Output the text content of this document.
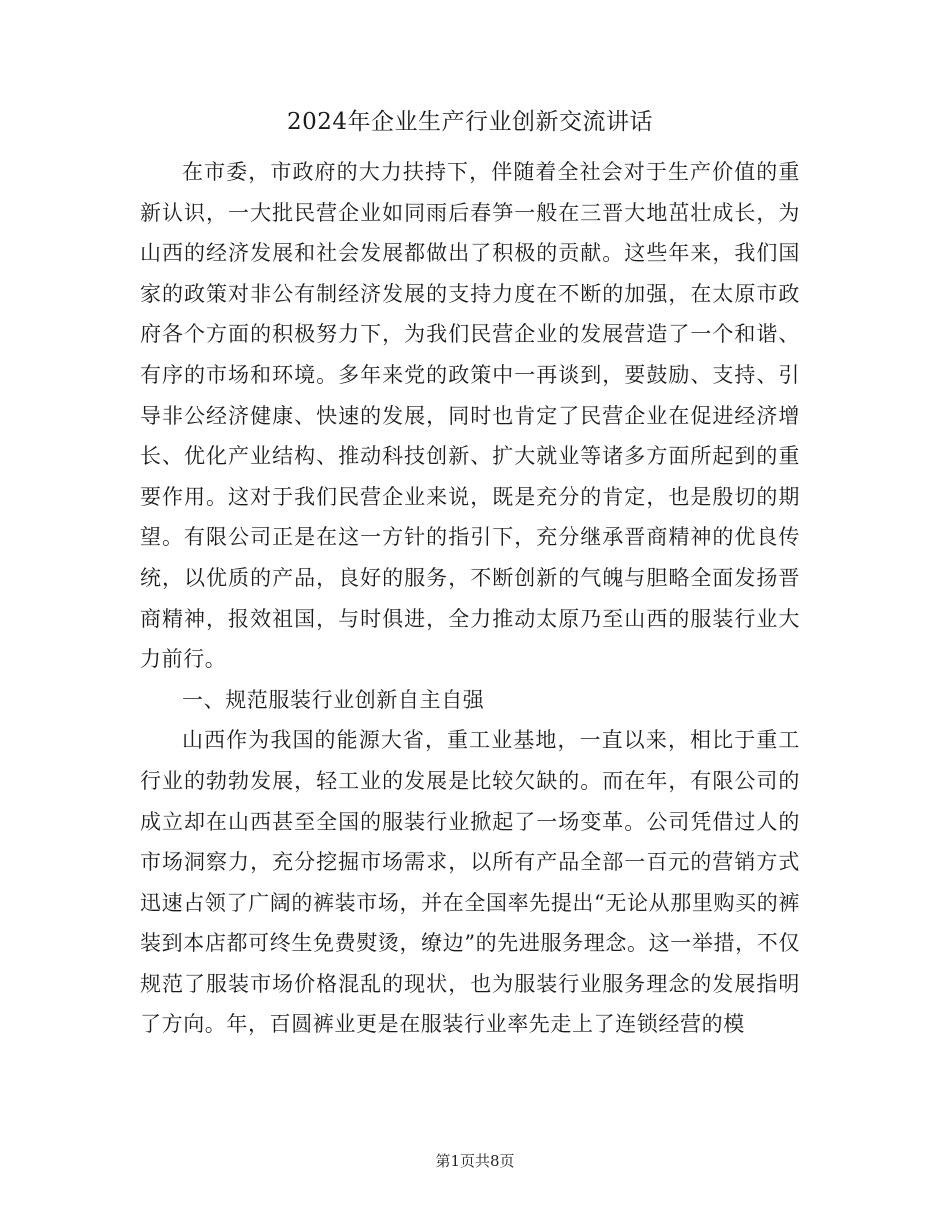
2024年企业生产行业创新交流讲话

在市委，市政府的大力扶持下，伴随着全社会对于生产价值的重新认识，一大批民营企业如同雨后春笋一般在三晋大地茁壮成长，为山西的经济发展和社会发展都做出了积极的贡献。这些年来，我们国家的政策对非公有制经济发展的支持力度在不断的加强，在太原市政府各个方面的积极努力下，为我们民营企业的发展营造了一个和谐、有序的市场和环境。多年来党的政策中一再谈到，要鼓励、支持、引导非公经济健康、快速的发展，同时也肯定了民营企业在促进经济增长、优化产业结构、推动科技创新、扩大就业等诸多方面所起到的重要作用。这对于我们民营企业来说，既是充分的肯定，也是殷切的期望。有限公司正是在这一方针的指引下，充分继承晋商精神的优良传统，以优质的产品，良好的服务，不断创新的气魄与胆略全面发扬晋商精神，报效祖国，与时俱进，全力推动太原乃至山西的服装行业大力前行。

一、规范服装行业创新自主自强

山西作为我国的能源大省，重工业基地，一直以来，相比于重工行业的勃勃发展，轻工业的发展是比较欠缺的。而在年，有限公司的成立却在山西甚至全国的服装行业掀起了一场变革。公司凭借过人的市场洞察力，充分挖掘市场需求，以所有产品全部一百元的营销方式迅速占领了广阔的裤装市场，并在全国率先提出“无论从那里购买的裤装到本店都可终生免费熨烫，缭边”的先进服务理念。这一举措，不仅规范了服装市场价格混乱的现状，也为服装行业服务理念的发展指明了方向。年，百圆裤业更是在服装行业率先走上了连锁经营的模

第1页共8页
